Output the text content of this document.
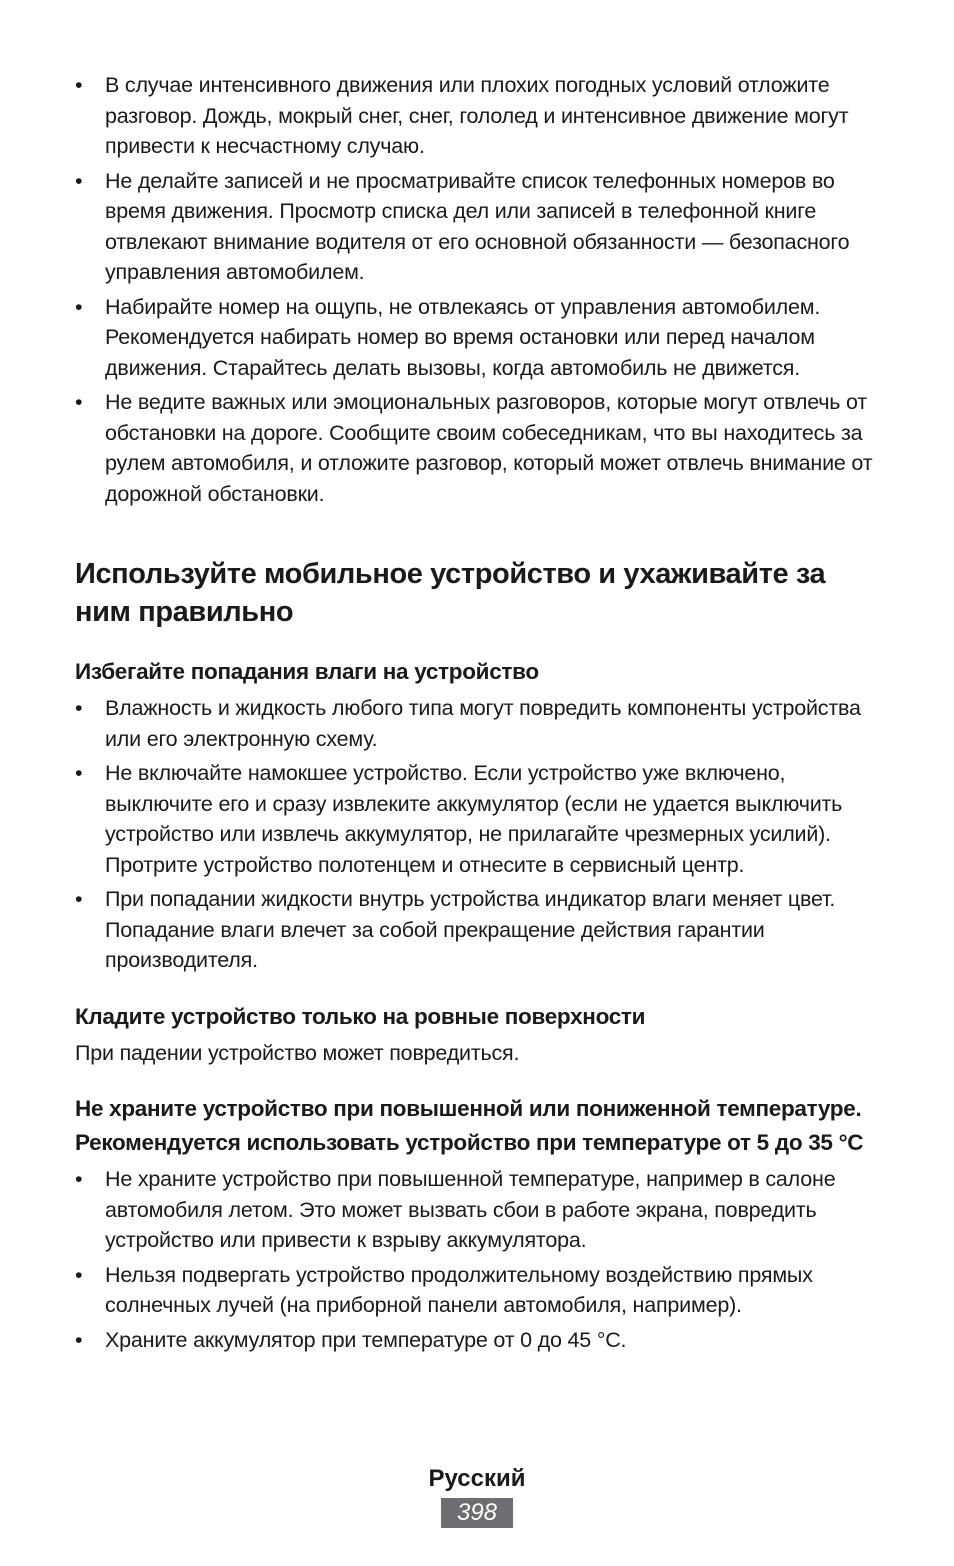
• В случае интенсивного движения или плохих погодных условий отложите разговор. Дождь, мокрый снег, снег, гололед и интенсивное движение могут привести к несчастному случаю.
• Не делайте записей и не просматривайте список телефонных номеров во время движения. Просмотр списка дел или записей в телефонной книге отвлекают внимание водителя от его основной обязанности — безопасного управления автомобилем.
• Набирайте номер на ощупь, не отвлекаясь от управления автомобилем. Рекомендуется набирать номер во время остановки или перед началом движения. Старайтесь делать вызовы, когда автомобиль не движется.
• Не ведите важных или эмоциональных разговоров, которые могут отвлечь от обстановки на дороге. Сообщите своим собеседникам, что вы находитесь за рулем автомобиля, и отложите разговор, который может отвлечь внимание от дорожной обстановки.
Используйте мобильное устройство и ухаживайте за ним правильно
Избегайте попадания влаги на устройство
• Влажность и жидкость любого типа могут повредить компоненты устройства или его электронную схему.
• Не включайте намокшее устройство. Если устройство уже включено, выключите его и сразу извлеките аккумулятор (если не удается выключить устройство или извлечь аккумулятор, не прилагайте чрезмерных усилий). Протрите устройство полотенцем и отнесите в сервисный центр.
• При попадании жидкости внутрь устройства индикатор влаги меняет цвет. Попадание влаги влечет за собой прекращение действия гарантии производителя.
Кладите устройство только на ровные поверхности

При падении устройство может повредиться.

Не храните устройство при повышенной или пониженной температуре. Рекомендуется использовать устройство при температуре от 5 до 35 °C
• Не храните устройство при повышенной температуре, например в салоне автомобиля летом. Это может вызвать сбои в работе экрана, повредить устройство или привести к взрыву аккумулятора.
• Нельзя подвергать устройство продолжительному воздействию прямых солнечных лучей (на приборной панели автомобиля, например).
• Храните аккумулятор при температуре от 0 до 45 °C.
Русский
398
